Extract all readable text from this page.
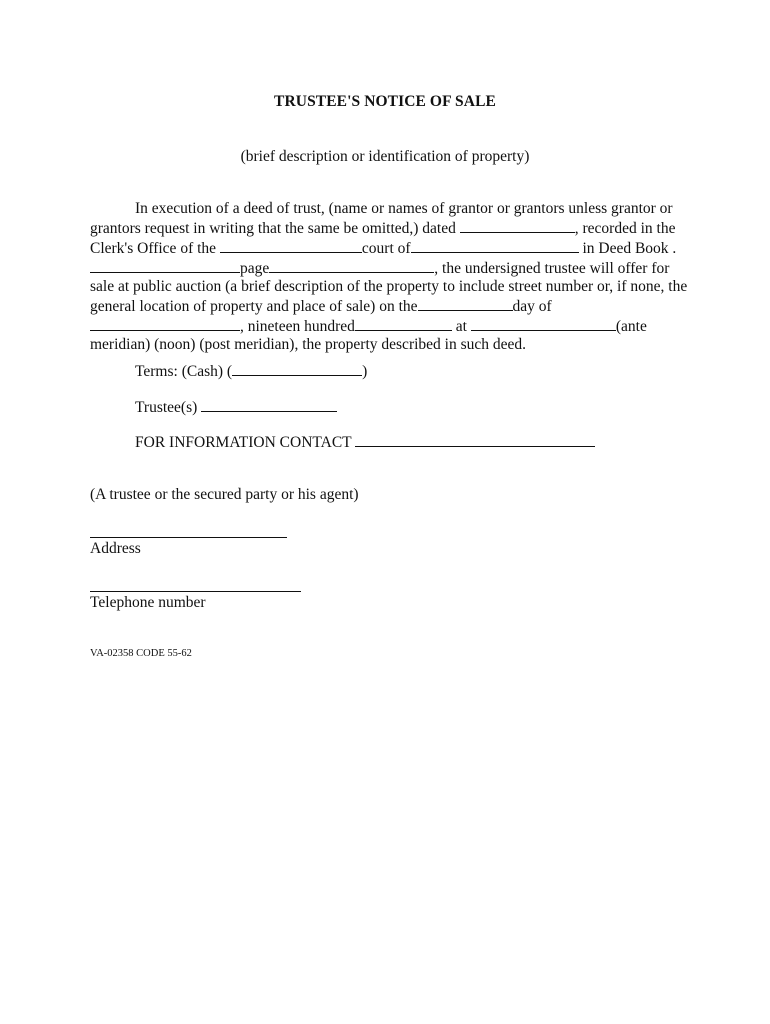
TRUSTEE'S NOTICE OF SALE
(brief description or identification of property)
In execution of a deed of trust, (name or names of grantor or grantors unless grantor or
grantors request in writing that the same be omitted,) dated	, recorded in the
Clerk's Office of the	court of	in Deed Book .
page	, the undersigned trustee will offer for
sale at public auction (a brief description of the property to include street number or, if none, the
general location of property and place of sale) on the	day of
, nineteen hundred	at	(ante
meridian) (noon) (post meridian), the property described in such deed.
Terms: (Cash) (	)
Trustee(s)
FOR INFORMATION CONTACT
(A trustee or the secured party or his agent)
Address
Telephone number
VA-02358 CODE 55-62
